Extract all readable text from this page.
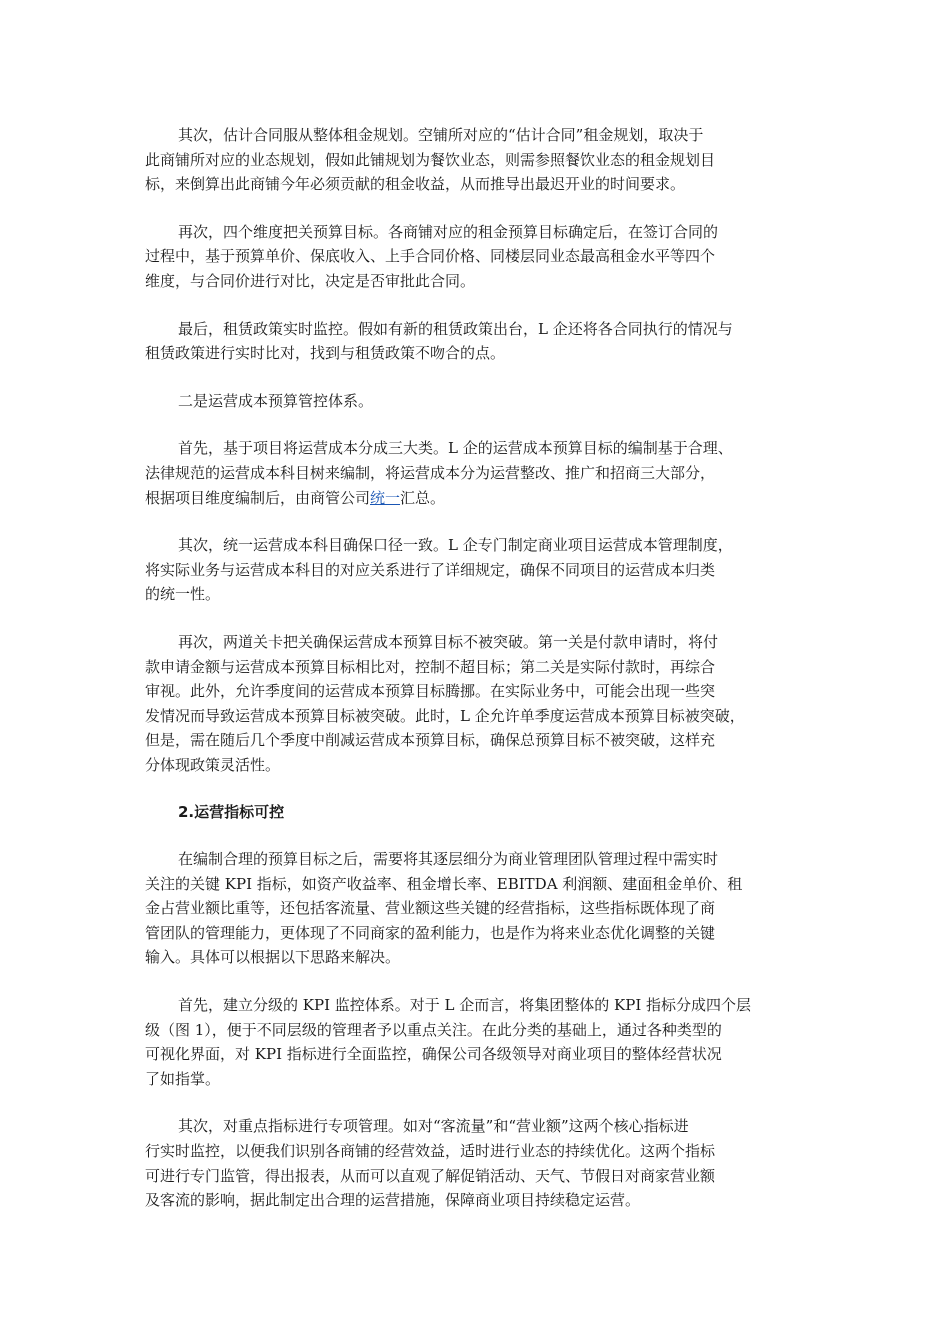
其次，估计合同服从整体租金规划。空铺所对应的“估计合同”租金规划，取决于
此商铺所对应的业态规划，假如此铺规划为餐饮业态，则需参照餐饮业态的租金规划目
标，来倒算出此商铺今年必须贡献的租金收益，从而推导出最迟开业的时间要求。

再次，四个维度把关预算目标。各商铺对应的租金预算目标确定后，在签订合同的
过程中，基于预算单价、保底收入、上手合同价格、同楼层同业态最高租金水平等四个
维度，与合同价进行对比，决定是否审批此合同。

最后，租赁政策实时监控。假如有新的租赁政策出台，L 企还将各合同执行的情况与
租赁政策进行实时比对，找到与租赁政策不吻合的点。

二是运营成本预算管控体系。

首先，基于项目将运营成本分成三大类。L 企的运营成本预算目标的编制基于合理、
法律规范的运营成本科目树来编制，将运营成本分为运营整改、推广和招商三大部分，
根据项目维度编制后，由商管公司统一汇总。

其次，统一运营成本科目确保口径一致。L 企专门制定商业项目运营成本管理制度，
将实际业务与运营成本科目的对应关系进行了详细规定，确保不同项目的运营成本归类
的统一性。

再次，两道关卡把关确保运营成本预算目标不被突破。第一关是付款申请时，将付
款申请金额与运营成本预算目标相比对，控制不超目标；第二关是实际付款时，再综合
审视。此外，允许季度间的运营成本预算目标腾挪。在实际业务中，可能会出现一些突
发情况而导致运营成本预算目标被突破。此时，L 企允许单季度运营成本预算目标被突破，
但是，需在随后几个季度中削减运营成本预算目标，确保总预算目标不被突破，这样充
分体现政策灵活性。

2.运营指标可控

在编制合理的预算目标之后，需要将其逐层细分为商业管理团队管理过程中需实时
关注的关键 KPI 指标，如资产收益率、租金增长率、EBITDA 利润额、建面租金单价、租
金占营业额比重等，还包括客流量、营业额这些关键的经营指标，这些指标既体现了商
管团队的管理能力，更体现了不同商家的盈利能力，也是作为将来业态优化调整的关键
输入。具体可以根据以下思路来解决。

首先，建立分级的 KPI 监控体系。对于 L 企而言，将集团整体的 KPI 指标分成四个层
级（图 1），便于不同层级的管理者予以重点关注。在此分类的基础上，通过各种类型的
可视化界面，对 KPI 指标进行全面监控，确保公司各级领导对商业项目的整体经营状况
了如指掌。

其次，对重点指标进行专项管理。如对“客流量”和“营业额”这两个核心指标进
行实时监控，以便我们识别各商铺的经营效益，适时进行业态的持续优化。这两个指标
可进行专门监管，得出报表，从而可以直观了解促销活动、天气、节假日对商家营业额
及客流的影响，据此制定出合理的运营措施，保障商业项目持续稳定运营。
